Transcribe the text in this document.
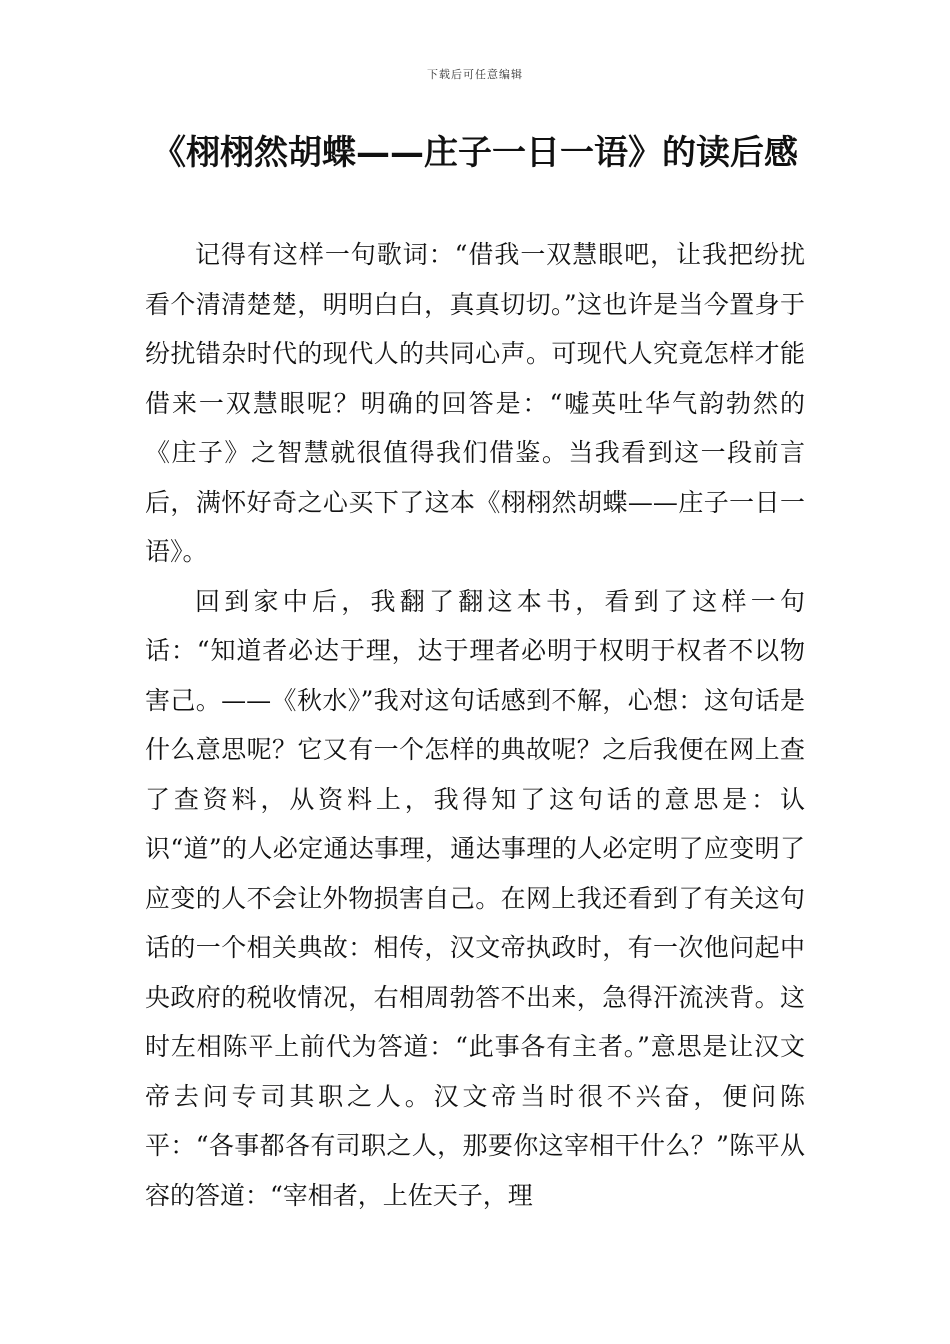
下载后可任意编辑
《栩栩然胡蝶——庄子一日一语》的读后感

记得有这样一句歌词：“借我一双慧眼吧，让我把纷扰看个清清楚楚，明明白白，真真切切。”这也许是当今置身于纷扰错杂时代的现代人的共同心声。可现代人究竟怎样才能借来一双慧眼呢？明确的回答是：“嘘英吐华气韵勃然的《庄子》之智慧就很值得我们借鉴。当我看到这一段前言后，满怀好奇之心买下了这本《栩栩然胡蝶——庄子一日一语》。

回到家中后，我翻了翻这本书，看到了这样一句话：“知道者必达于理，达于理者必明于权明于权者不以物害己。——《秋水》”我对这句话感到不解，心想：这句话是什么意思呢？它又有一个怎样的典故呢？之后我便在网上查了查资料，从资料上，我得知了这句话的意思是：认识“道”的人必定通达事理，通达事理的人必定明了应变明了应变的人不会让外物损害自己。在网上我还看到了有关这句话的一个相关典故：相传，汉文帝执政时，有一次他问起中央政府的税收情况，右相周勃答不出来，急得汗流浃背。这时左相陈平上前代为答道：“此事各有主者。”意思是让汉文帝去问专司其职之人。汉文帝当时很不兴奋，便问陈平：“各事都各有司职之人，那要你这宰相干什么？”陈平从容的答道：“宰相者，上佐天子，理
